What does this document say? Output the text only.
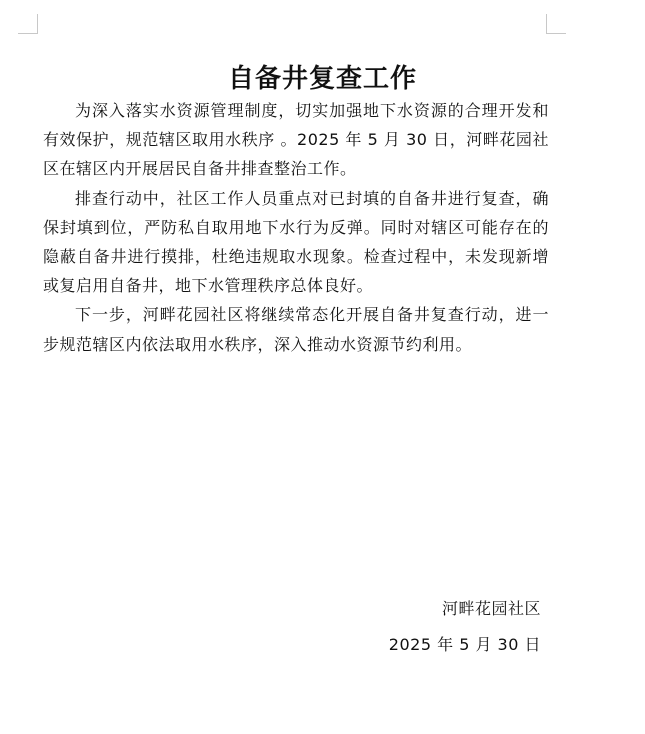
自备井复查工作

为深入落实水资源管理制度，切实加强地下水资源的合理开发和有效保护，规范辖区取用水秩序 。2025 年 5 月 30 日，河畔花园社区在辖区内开展居民自备井排查整治工作。

排查行动中，社区工作人员重点对已封填的自备井进行复查，确保封填到位，严防私自取用地下水行为反弹。同时对辖区可能存在的隐蔽自备井进行摸排，杜绝违规取水现象。检查过程中，未发现新增或复启用自备井，地下水管理秩序总体良好。

下一步，河畔花园社区将继续常态化开展自备井复查行动，进一步规范辖区内依法取用水秩序，深入推动水资源节约利用。

河畔花园社区
2025 年 5 月 30 日
